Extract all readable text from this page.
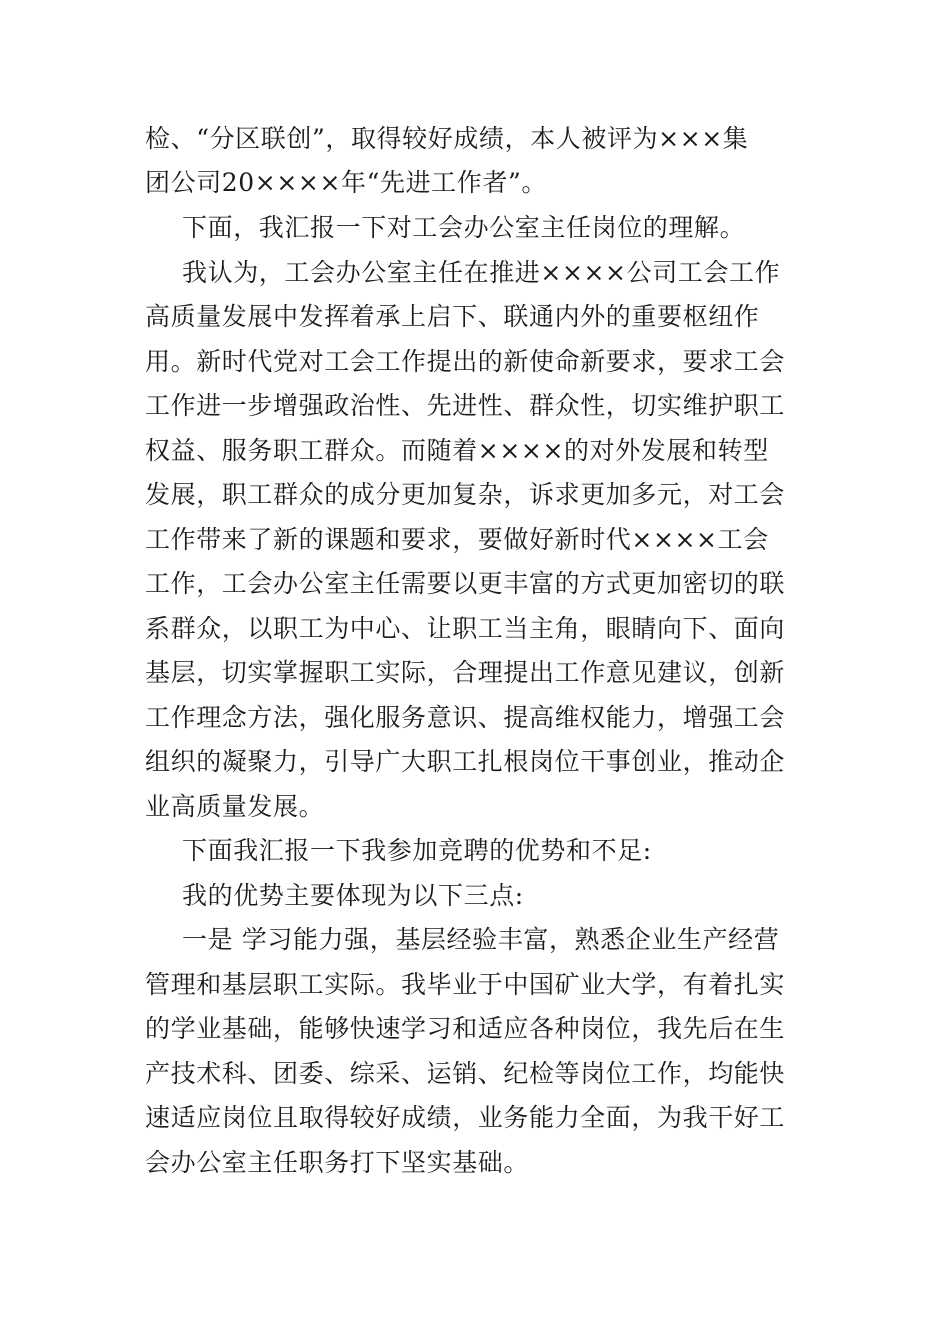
检、“分区联创”，取得较好成绩，本人被评为×××集
团公司20××××年“先进工作者”。
下面，我汇报一下对工会办公室主任岗位的理解。
我认为，工会办公室主任在推进××××公司工会工作
高质量发展中发挥着承上启下、联通内外的重要枢纽作
用。新时代党对工会工作提出的新使命新要求，要求工会
工作进一步增强政治性、先进性、群众性，切实维护职工
权益、服务职工群众。而随着××××的对外发展和转型
发展，职工群众的成分更加复杂，诉求更加多元，对工会
工作带来了新的课题和要求，要做好新时代××××工会
工作，工会办公室主任需要以更丰富的方式更加密切的联
系群众，以职工为中心、让职工当主角，眼睛向下、面向
基层，切实掌握职工实际，合理提出工作意见建议，创新
工作理念方法，强化服务意识、提高维权能力，增强工会
组织的凝聚力，引导广大职工扎根岗位干事创业，推动企
业高质量发展。
下面我汇报一下我参加竞聘的优势和不足:
我的优势主要体现为以下三点:
一是 学习能力强，基层经验丰富，熟悉企业生产经营
管理和基层职工实际。我毕业于中国矿业大学，有着扎实
的学业基础，能够快速学习和适应各种岗位，我先后在生
产技术科、团委、综采、运销、纪检等岗位工作，均能快
速适应岗位且取得较好成绩，业务能力全面，为我干好工
会办公室主任职务打下坚实基础。
